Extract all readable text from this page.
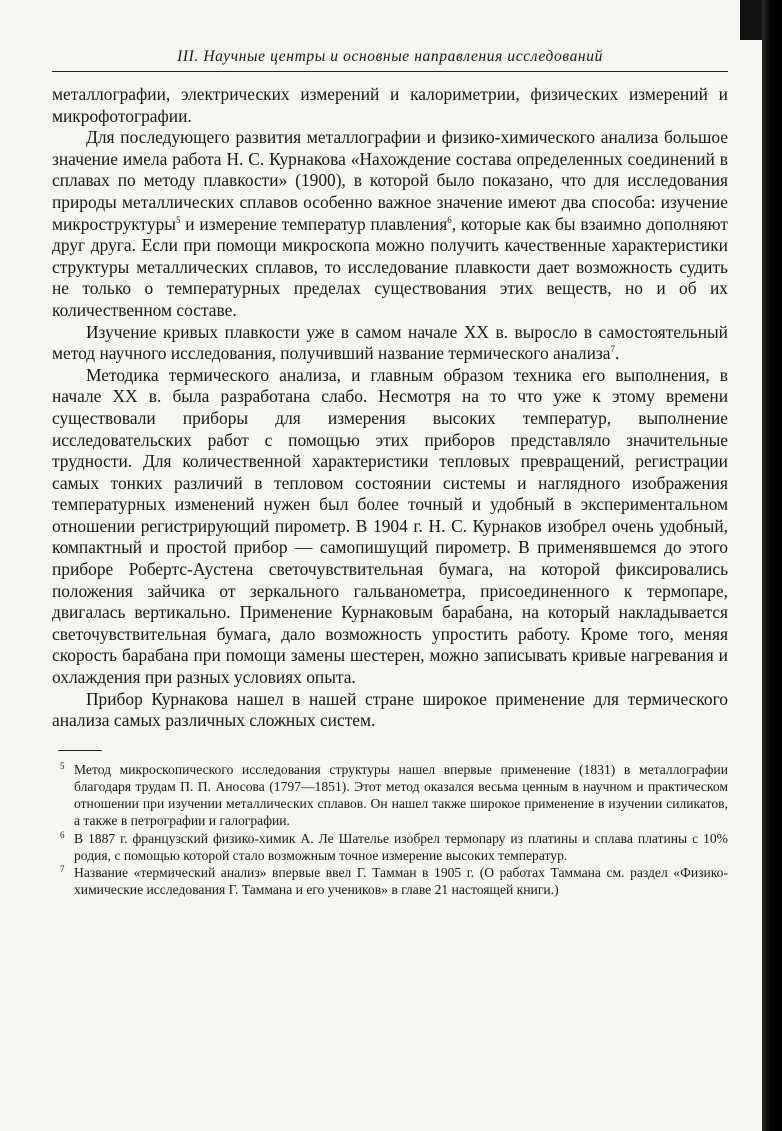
III. Научные центры и основные направления исследований

металлографии, электрических измерений и калориметрии, физических измерений и микрофотографии.

Для последующего развития металлографии и физико-химического анализа большое значение имела работа Н. С. Курнакова «Нахождение состава определенных соединений в сплавах по методу плавкости» (1900), в которой было показано, что для исследования природы металлических сплавов особенно важное значение имеют два способа: изучение микроструктуры$^5$ и измерение температур плавления$^6$, которые как бы взаимно дополняют друг друга. Если при помощи микроскопа можно получить качественные характеристики структуры металлических сплавов, то исследование плавкости дает возможность судить не только о температурных пределах существования этих веществ, но и об их количественном составе.

Изучение кривых плавкости уже в самом начале XX в. выросло в самостоятельный метод научного исследования, получивший название термического анализа$^7$.

Методика термического анализа, и главным образом техника его выполнения, в начале XX в. была разработана слабо. Несмотря на то что уже к этому времени существовали приборы для измерения высоких температур, выполнение исследовательских работ с помощью этих приборов представляло значительные трудности. Для количественной характеристики тепловых превращений, регистрации самых тонких различий в тепловом состоянии системы и наглядного изображения температурных изменений нужен был более точный и удобный в экспериментальном отношении регистрирующий пирометр. В 1904 г. Н. С. Курнаков изобрел очень удобный, компактный и простой прибор — самопишущий пирометр. В применявшемся до этого приборе Робертс-Аустена светочувствительная бумага, на которой фиксировались положения зайчика от зеркального гальванометра, присоединенного к термопаре, двигалась вертикально. Применение Курнаковым барабана, на который накладывается светочувствительная бумага, дало возможность упростить работу. Кроме того, меняя скорость барабана при помощи замены шестерен, можно записывать кривые нагревания и охлаждения при разных условиях опыта.

Прибор Курнакова нашел в нашей стране широкое применение для термического анализа самых различных сложных систем.

5 Метод микроскопического исследования структуры нашел впервые применение (1831) в металлографии благодаря трудам П. П. Аносова (1797—1851). Этот метод оказался весьма ценным в научном и практическом отношении при изучении металлических сплавов. Он нашел также широкое применение в изучении силикатов, а также в петрографии и галографии.

6 В 1887 г. французский физико-химик А. Ле Шателье изобрел термопару из платины и сплава платины с 10% родия, с помощью которой стало возможным точное измерение высоких температур.

7 Название «термический анализ» впервые ввел Г. Тамман в 1905 г. (О работах Таммана см. раздел «Физико-химические исследования Г. Таммана и его учеников» в главе 21 настоящей книги.)
